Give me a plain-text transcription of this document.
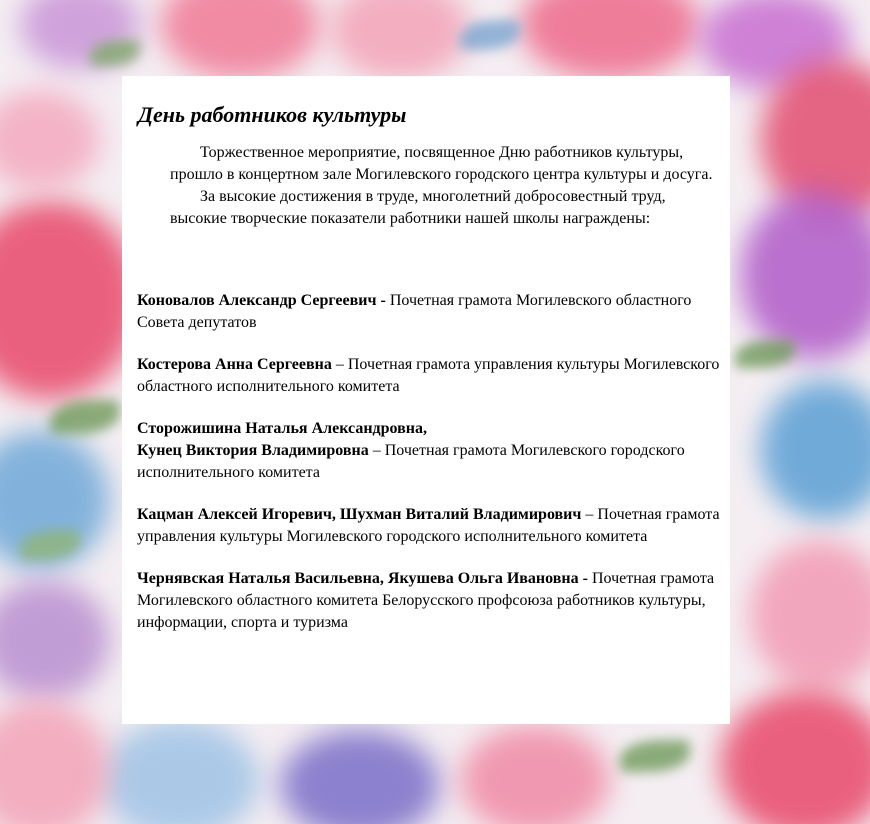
День работников культуры

Торжественное мероприятие, посвященное Дню работников культуры, прошло в концертном зале Могилевского городского центра культуры и досуга.

За высокие достижения в труде, многолетний добросовестный труд, высокие творческие показатели работники нашей школы награждены:

Коновалов Александр Сергеевич - Почетная грамота Могилевского областного Совета депутатов
Костерова Анна Сергеевна – Почетная грамота управления культуры Могилевского областного исполнительного комитета
Сторожишина Наталья Александровна,
Кунец Виктория Владимировна – Почетная грамота Могилевского городского исполнительного комитета
Кацман Алексей Игоревич, Шухман Виталий Владимирович – Почетная грамота управления культуры Могилевского городского исполнительного комитета
Чернявская Наталья Васильевна, Якушева Ольга Ивановна - Почетная грамота Могилевского областного комитета Белорусского профсоюза работников культуры, информации, спорта и туризма
